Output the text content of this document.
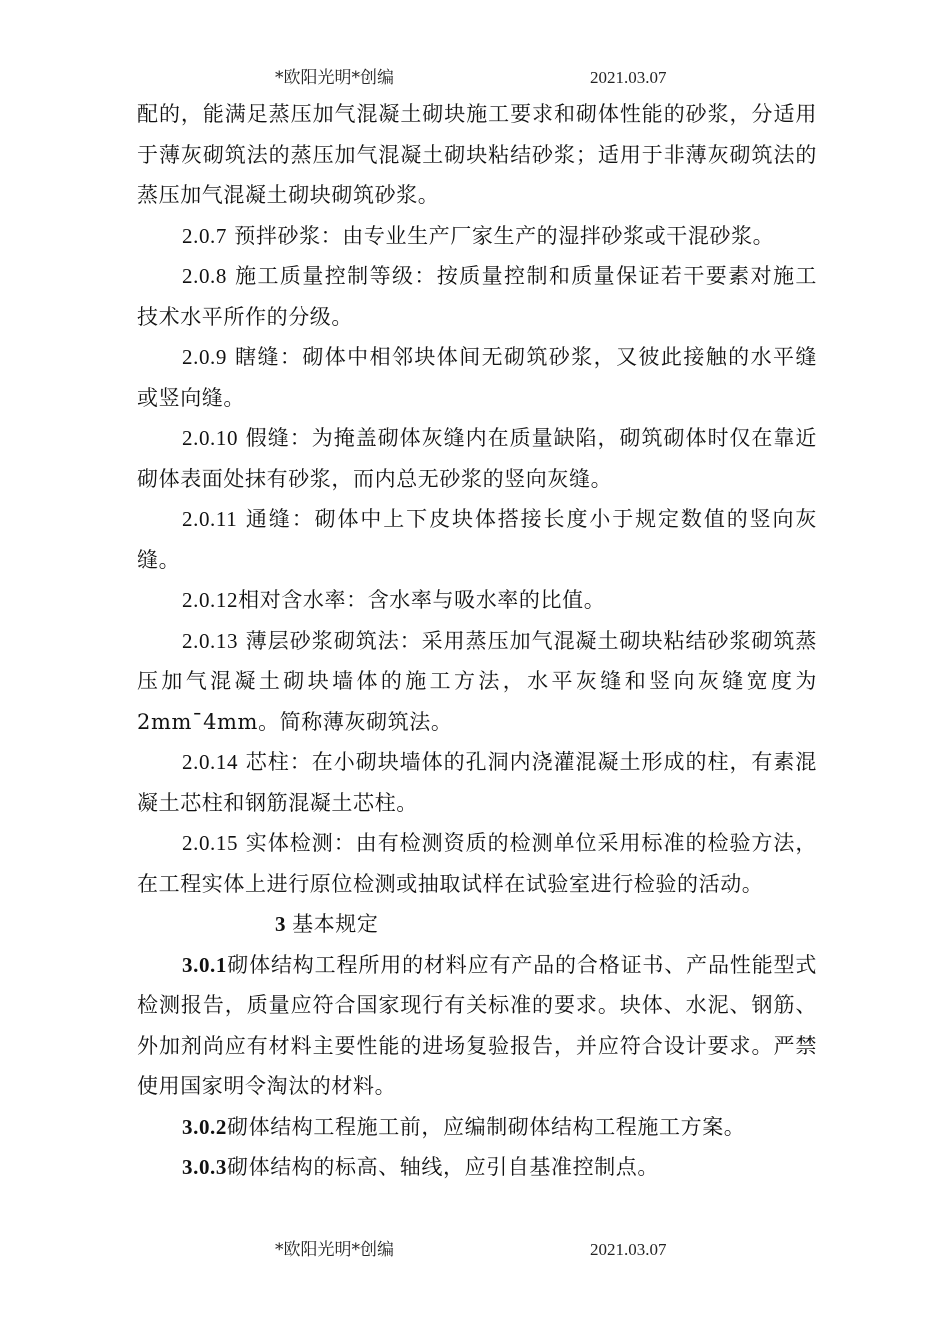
*欧阳光明*创编	2021.03.07

配的，能满足蒸压加气混凝土砌块施工要求和砌体性能的砂浆，分适用于薄灰砌筑法的蒸压加气混凝土砌块粘结砂浆；适用于非薄灰砌筑法的蒸压加气混凝土砌块砌筑砂浆。

2.0.7 预拌砂浆：由专业生产厂家生产的湿拌砂浆或干混砂浆。

2.0.8 施工质量控制等级：按质量控制和质量保证若干要素对施工技术水平所作的分级。

2.0.9 瞎缝：砌体中相邻块体间无砌筑砂浆，又彼此接触的水平缝或竖向缝。

2.0.10 假缝：为掩盖砌体灰缝内在质量缺陷，砌筑砌体时仅在靠近砌体表面处抹有砂浆，而内总无砂浆的竖向灰缝。

2.0.11 通缝：砌体中上下皮块体搭接长度小于规定数值的竖向灰缝。

2.0.12相对含水率：含水率与吸水率的比值。

2.0.13 薄层砂浆砌筑法：采用蒸压加气混凝土砌块粘结砂浆砌筑蒸压加气混凝土砌块墙体的施工方法，水平灰缝和竖向灰缝宽度为 2mm¯4mm。简称薄灰砌筑法。

2.0.14 芯柱：在小砌块墙体的孔洞内浇灌混凝土形成的柱，有素混凝土芯柱和钢筋混凝土芯柱。

2.0.15 实体检测：由有检测资质的检测单位采用标准的检验方法，在工程实体上进行原位检测或抽取试样在试验室进行检验的活动。

3 基本规定

3.0.1砌体结构工程所用的材料应有产品的合格证书、产品性能型式检测报告，质量应符合国家现行有关标准的要求。块体、水泥、钢筋、外加剂尚应有材料主要性能的进场复验报告，并应符合设计要求。严禁使用国家明令淘汰的材料。

3.0.2砌体结构工程施工前，应编制砌体结构工程施工方案。

3.0.3砌体结构的标高、轴线，应引自基准控制点。

*欧阳光明*创编	2021.03.07
